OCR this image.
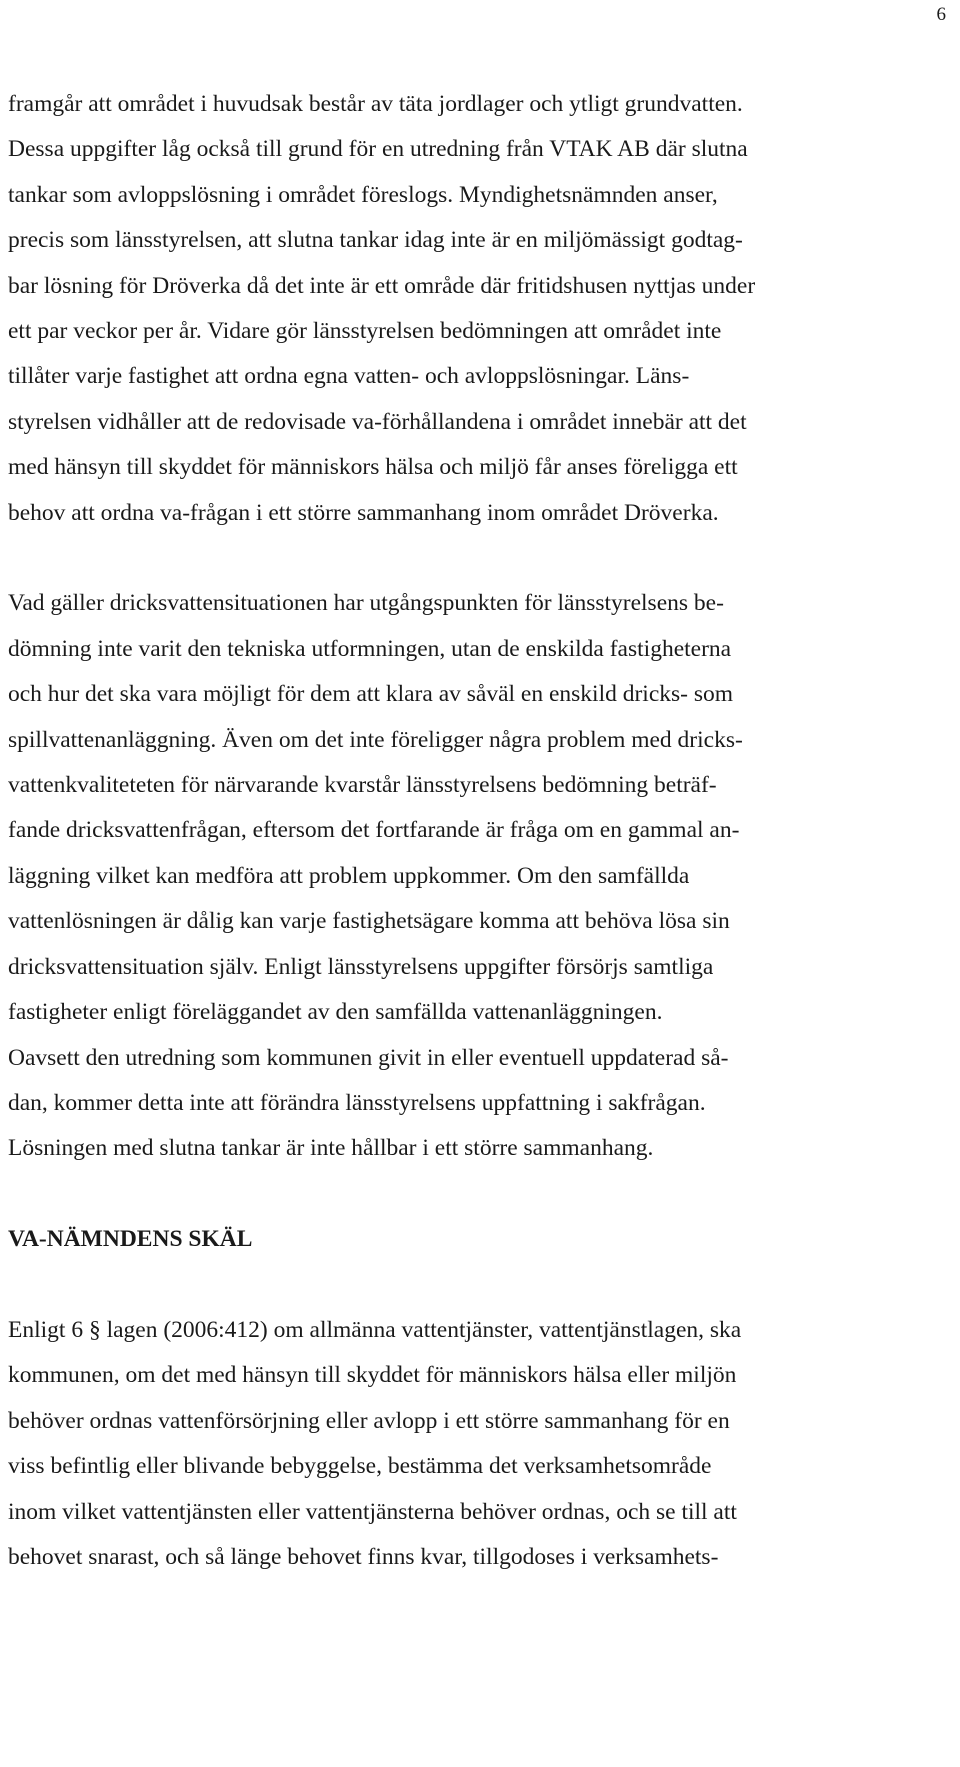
6
framgår att området i huvudsak består av täta jordlager och ytligt grundvatten.
Dessa uppgifter låg också till grund för en utredning från VTAK AB där slutna
tankar som avloppslösning i området föreslogs. Myndighetsnämnden anser,
precis som länsstyrelsen, att slutna tankar idag inte är en miljömässigt godtag-
bar lösning för Dröverka då det inte är ett område där fritidshusen nyttjas under
ett par veckor per år. Vidare gör länsstyrelsen bedömningen att området inte
tillåter varje fastighet att ordna egna vatten- och avloppslösningar. Läns-
styrelsen vidhåller att de redovisade va-förhållandena i området innebär att det
med hänsyn till skyddet för människors hälsa och miljö får anses föreligga ett
behov att ordna va-frågan i ett större sammanhang inom området Dröverka.
Vad gäller dricksvattensituationen har utgångspunkten för länsstyrelsens be-
dömning inte varit den tekniska utformningen, utan de enskilda fastigheterna
och hur det ska vara möjligt för dem att klara av såväl en enskild dricks- som
spillvattenanläggning. Även om det inte föreligger några problem med dricks-
vattenkvaliteteten för närvarande kvarstår länsstyrelsens bedömning beträf-
fande dricksvattenfrågan, eftersom det fortfarande är fråga om en gammal an-
läggning vilket kan medföra att problem uppkommer. Om den samfällda
vattenlösningen är dålig kan varje fastighetsägare komma att behöva lösa sin
dricksvattensituation själv. Enligt länsstyrelsens uppgifter försörjs samtliga
fastigheter enligt föreläggandet av den samfällda vattenanläggningen.
Oavsett den utredning som kommunen givit in eller eventuell uppdaterad så-
dan, kommer detta inte att förändra länsstyrelsens uppfattning i sakfrågan.
Lösningen med slutna tankar är inte hållbar i ett större sammanhang.
VA-NÄMNDENS SKÄL
Enligt 6 § lagen (2006:412) om allmänna vattentjänster, vattentjänstlagen, ska
kommunen, om det med hänsyn till skyddet för människors hälsa eller miljön
behöver ordnas vattenförsörjning eller avlopp i ett större sammanhang för en
viss befintlig eller blivande bebyggelse, bestämma det verksamhetsområde
inom vilket vattentjänsten eller vattentjänsterna behöver ordnas, och se till att
behovet snarast, och så länge behovet finns kvar, tillgodoses i verksamhets-
